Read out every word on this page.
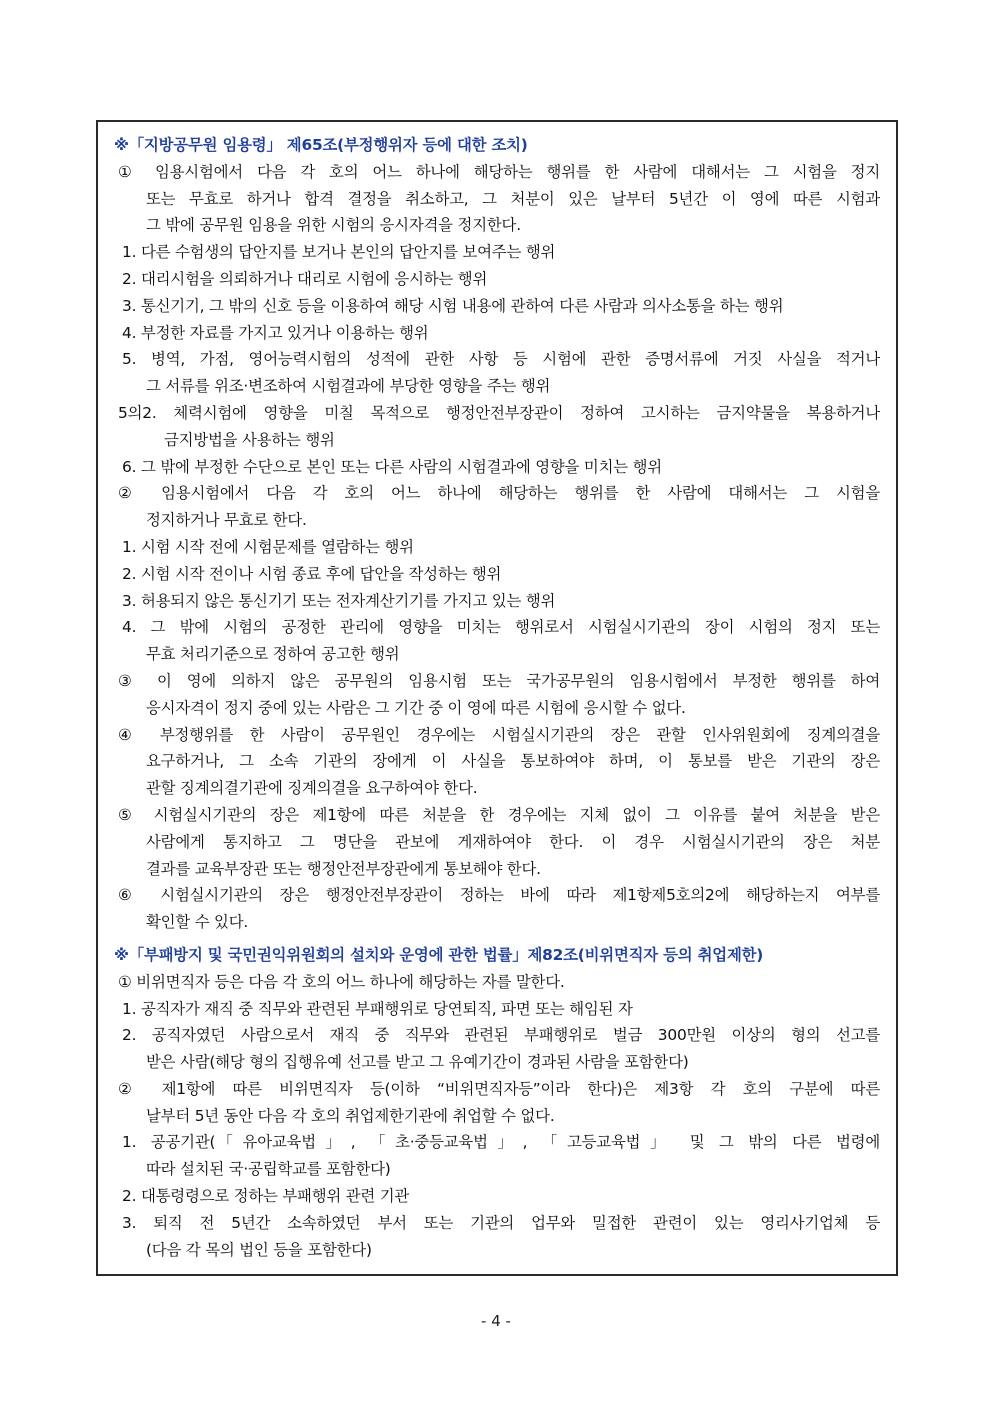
※「지방공무원 임용령」 제65조(부정행위자 등에 대한 조치)
① 임용시험에서 다음 각 호의 어느 하나에 해당하는 행위를 한 사람에 대해서는 그 시험을 정지
또는 무효로 하거나 합격 결정을 취소하고, 그 처분이 있은 날부터 5년간 이 영에 따른 시험과
그 밖에 공무원 임용을 위한 시험의 응시자격을 정지한다.
1. 다른 수험생의 답안지를 보거나 본인의 답안지를 보여주는 행위
2. 대리시험을 의뢰하거나 대리로 시험에 응시하는 행위
3. 통신기기, 그 밖의 신호 등을 이용하여 해당 시험 내용에 관하여 다른 사람과 의사소통을 하는 행위
4. 부정한 자료를 가지고 있거나 이용하는 행위
5. 병역, 가점, 영어능력시험의 성적에 관한 사항 등 시험에 관한 증명서류에 거짓 사실을 적거나
그 서류를 위조·변조하여 시험결과에 부당한 영향을 주는 행위
5의2. 체력시험에 영향을 미칠 목적으로 행정안전부장관이 정하여 고시하는 금지약물을 복용하거나
금지방법을 사용하는 행위
6. 그 밖에 부정한 수단으로 본인 또는 다른 사람의 시험결과에 영향을 미치는 행위
② 임용시험에서 다음 각 호의 어느 하나에 해당하는 행위를 한 사람에 대해서는 그 시험을
정지하거나 무효로 한다.
1. 시험 시작 전에 시험문제를 열람하는 행위
2. 시험 시작 전이나 시험 종료 후에 답안을 작성하는 행위
3. 허용되지 않은 통신기기 또는 전자계산기기를 가지고 있는 행위
4. 그 밖에 시험의 공정한 관리에 영향을 미치는 행위로서 시험실시기관의 장이 시험의 정지 또는
무효 처리기준으로 정하여 공고한 행위
③ 이 영에 의하지 않은 공무원의 임용시험 또는 국가공무원의 임용시험에서 부정한 행위를 하여
응시자격이 정지 중에 있는 사람은 그 기간 중 이 영에 따른 시험에 응시할 수 없다.
④ 부정행위를 한 사람이 공무원인 경우에는 시험실시기관의 장은 관할 인사위원회에 징계의결을
요구하거나, 그 소속 기관의 장에게 이 사실을 통보하여야 하며, 이 통보를 받은 기관의 장은
관할 징계의결기관에 징계의결을 요구하여야 한다.
⑤ 시험실시기관의 장은 제1항에 따른 처분을 한 경우에는 지체 없이 그 이유를 붙여 처분을 받은
사람에게 통지하고 그 명단을 관보에 게재하여야 한다. 이 경우 시험실시기관의 장은 처분
결과를 교육부장관 또는 행정안전부장관에게 통보해야 한다.
⑥ 시험실시기관의 장은 행정안전부장관이 정하는 바에 따라 제1항제5호의2에 해당하는지 여부를
확인할 수 있다.
※「부패방지 및 국민권익위원회의 설치와 운영에 관한 법률」제82조(비위면직자 등의 취업제한)
① 비위면직자 등은 다음 각 호의 어느 하나에 해당하는 자를 말한다.
1. 공직자가 재직 중 직무와 관련된 부패행위로 당연퇴직, 파면 또는 해임된 자
2. 공직자였던 사람으로서 재직 중 직무와 관련된 부패행위로 벌금 300만원 이상의 형의 선고를
받은 사람(해당 형의 집행유예 선고를 받고 그 유예기간이 경과된 사람을 포함한다)
② 제1항에 따른 비위면직자 등(이하 “비위면직자등”이라 한다)은 제3항 각 호의 구분에 따른
날부터 5년 동안 다음 각 호의 취업제한기관에 취업할 수 없다.
1. 공공기관(「유아교육법」, 「초·중등교육법」, 「고등교육법」 및 그 밖의 다른 법령에
따라 설치된 국·공립학교를 포함한다)
2. 대통령령으로 정하는 부패행위 관련 기관
3. 퇴직 전 5년간 소속하였던 부서 또는 기관의 업무와 밀접한 관련이 있는 영리사기업체 등
(다음 각 목의 법인 등을 포함한다)
- 4 -
